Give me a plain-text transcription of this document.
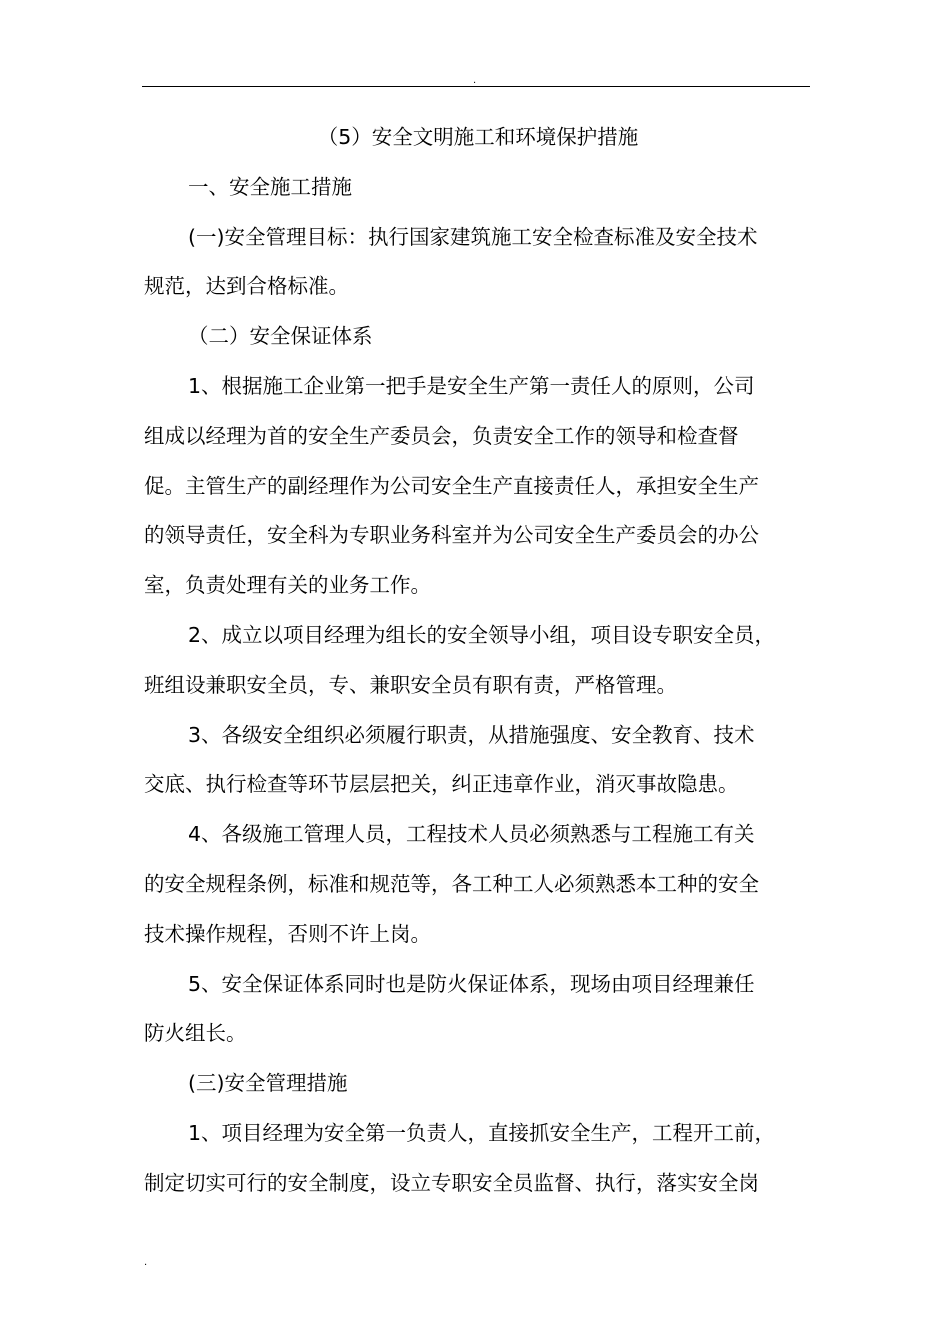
.
（5）安全文明施工和环境保护措施
一、安全施工措施
(一)安全管理目标：执行国家建筑施工安全检查标准及安全技术
规范，达到合格标准。
（二）安全保证体系
1、根据施工企业第一把手是安全生产第一责任人的原则，公司
组成以经理为首的安全生产委员会，负责安全工作的领导和检查督
促。主管生产的副经理作为公司安全生产直接责任人，承担安全生产
的领导责任，安全科为专职业务科室并为公司安全生产委员会的办公
室，负责处理有关的业务工作。
2、成立以项目经理为组长的安全领导小组，项目设专职安全员，
班组设兼职安全员，专、兼职安全员有职有责，严格管理。
3、各级安全组织必须履行职责，从措施强度、安全教育、技术
交底、执行检查等环节层层把关，纠正违章作业，消灭事故隐患。
4、各级施工管理人员，工程技术人员必须熟悉与工程施工有关
的安全规程条例，标准和规范等，各工种工人必须熟悉本工种的安全
技术操作规程，否则不许上岗。
5、安全保证体系同时也是防火保证体系，现场由项目经理兼任
防火组长。
(三)安全管理措施
1、项目经理为安全第一负责人，直接抓安全生产，工程开工前，
制定切实可行的安全制度，设立专职安全员监督、执行，落实安全岗
.
